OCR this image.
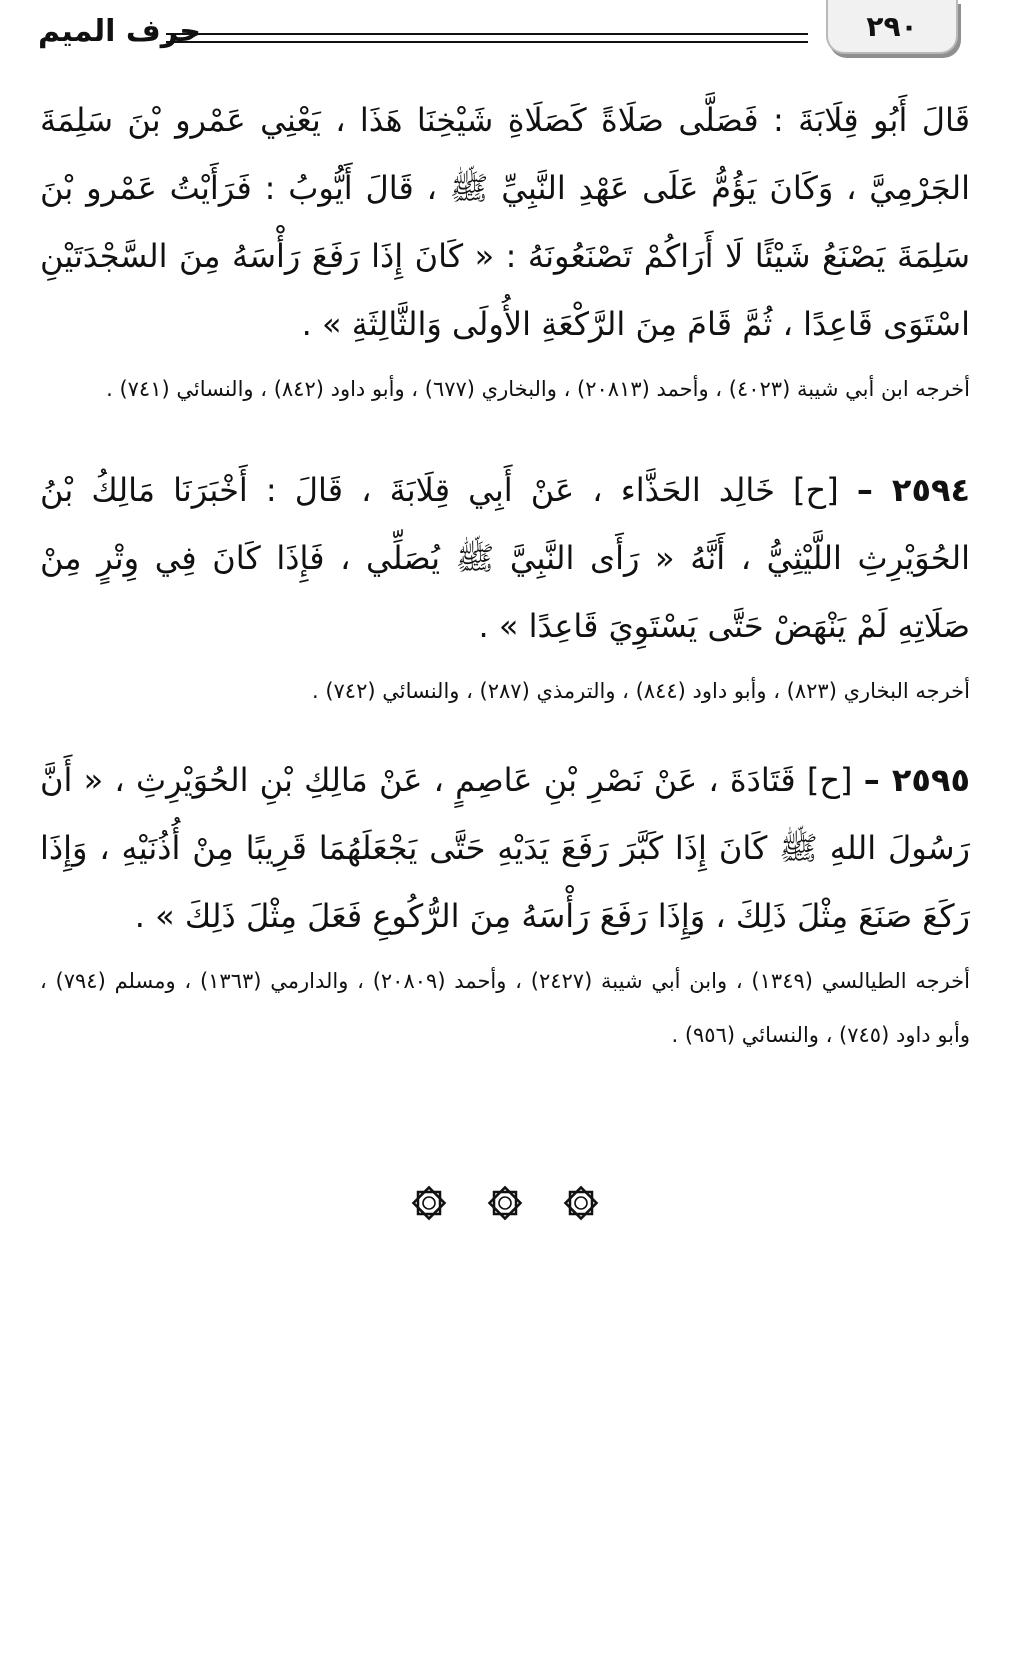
حرف الميم	٢٩٠

قَالَ أَبُو قِلَابَةَ : فَصَلَّى صَلَاةً كَصَلَاةِ شَيْخِنَا هَذَا ، يَعْنِي عَمْرو بْنَ سَلِمَةَ الجَرْمِيَّ ، وَكَانَ يَؤُمُّ عَلَى عَهْدِ النَّبِيِّ ﷺ ، قَالَ أَيُّوبُ : فَرَأَيْتُ عَمْرو بْنَ سَلِمَةَ يَصْنَعُ شَيْئًا لَا أَرَاكُمْ تَصْنَعُونَهُ : « كَانَ إِذَا رَفَعَ رَأْسَهُ مِنَ السَّجْدَتَيْنِ اسْتَوَى قَاعِدًا ، ثُمَّ قَامَ مِنَ الرَّكْعَةِ الأُولَى وَالثَّالِثَةِ » .

أخرجه ابن أبي شيبة (٤٠٢٣) ، وأحمد (٢٠٨١٣) ، والبخاري (٦٧٧) ، وأبو داود (٨٤٢) ، والنسائي (٧٤١) .

٢٥٩٤ – [ح] خَالِد الحَذَّاء ، عَنْ أَبِي قِلَابَةَ ، قَالَ : أَخْبَرَنَا مَالِكُ بْنُ الحُوَيْرِثِ اللَّيْثِيُّ ، أَنَّهُ « رَأَى النَّبِيَّ ﷺ يُصَلِّي ، فَإِذَا كَانَ فِي وِتْرٍ مِنْ صَلَاتِهِ لَمْ يَنْهَضْ حَتَّى يَسْتَوِيَ قَاعِدًا » .

أخرجه البخاري (٨٢٣) ، وأبو داود (٨٤٤) ، والترمذي (٢٨٧) ، والنسائي (٧٤٢) .

٢٥٩٥ – [ح] قَتَادَةَ ، عَنْ نَصْرِ بْنِ عَاصِمٍ ، عَنْ مَالِكِ بْنِ الحُوَيْرِثِ ، « أَنَّ رَسُولَ اللهِ ﷺ كَانَ إِذَا كَبَّرَ رَفَعَ يَدَيْهِ حَتَّى يَجْعَلَهُمَا قَرِيبًا مِنْ أُذُنَيْهِ ، وَإِذَا رَكَعَ صَنَعَ مِثْلَ ذَلِكَ ، وَإِذَا رَفَعَ رَأْسَهُ مِنَ الرُّكُوعِ فَعَلَ مِثْلَ ذَلِكَ » .

أخرجه الطيالسي (١٣٤٩) ، وابن أبي شيبة (٢٤٢٧) ، وأحمد (٢٠٨٠٩) ، والدارمي (١٣٦٣) ، ومسلم (٧٩٤) ، وأبو داود (٧٤٥) ، والنسائي (٩٥٦) .
